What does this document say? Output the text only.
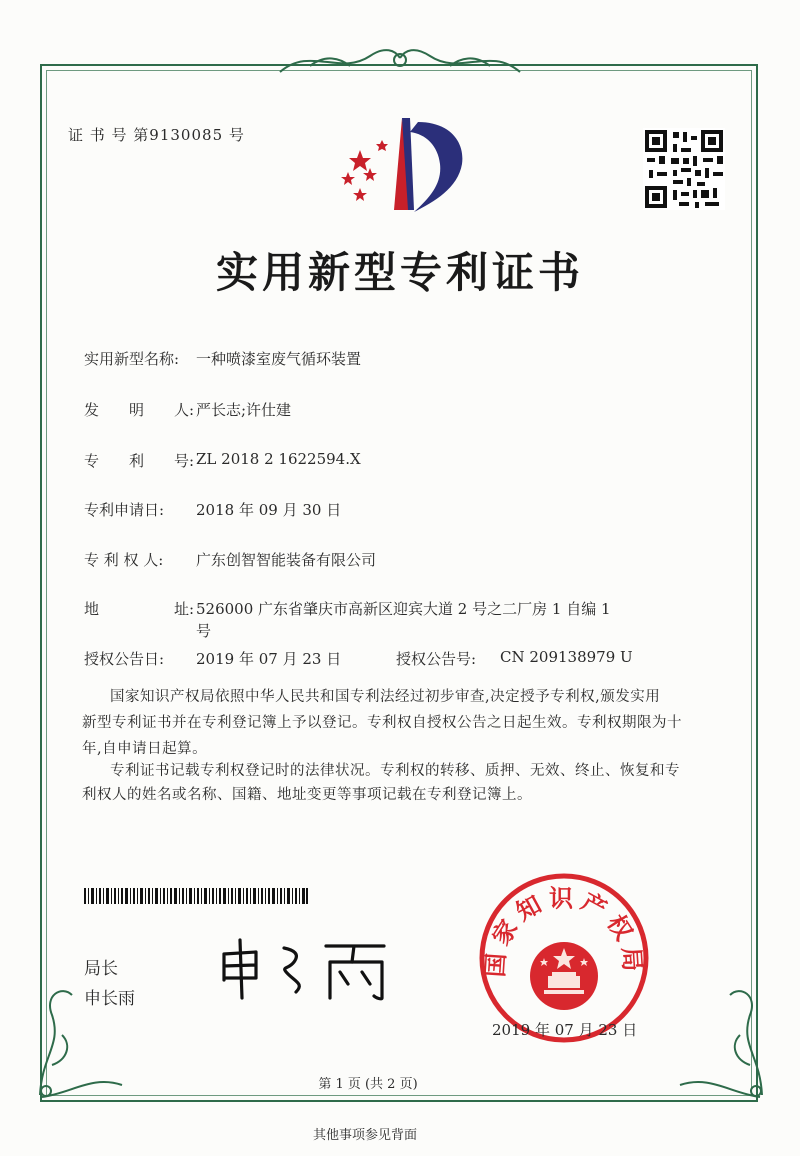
证 书 号 第9130085 号
实用新型专利证书
实用新型名称: 一种喷漆室废气循环装置
发　　明　　人: 严长志;许仕建
专　　利　　号: ZL 2018 2 1622594.X
专利申请日: 2018 年 09 月 30 日
专 利 权 人: 广东创智智能装备有限公司
地　　　　　址: 526000 广东省肇庆市高新区迎宾大道 2 号之二厂房 1 自编 1
号
授权公告日: 2019 年 07 月 23 日	授权公告号: CN 209138979 U
国家知识产权局依照中华人民共和国专利法经过初步审查,决定授予专利权,颁发实用
新型专利证书并在专利登记簿上予以登记。专利权自授权公告之日起生效。专利权期限为十
年,自申请日起算。
专利证书记载专利权登记时的法律状况。专利权的转移、质押、无效、终止、恢复和专
利权人的姓名或名称、国籍、地址变更等事项记载在专利登记簿上。
局长
申长雨
国家知识产权局
2019 年 07 月 23 日
第 1 页 (共 2 页)
其他事项参见背面
